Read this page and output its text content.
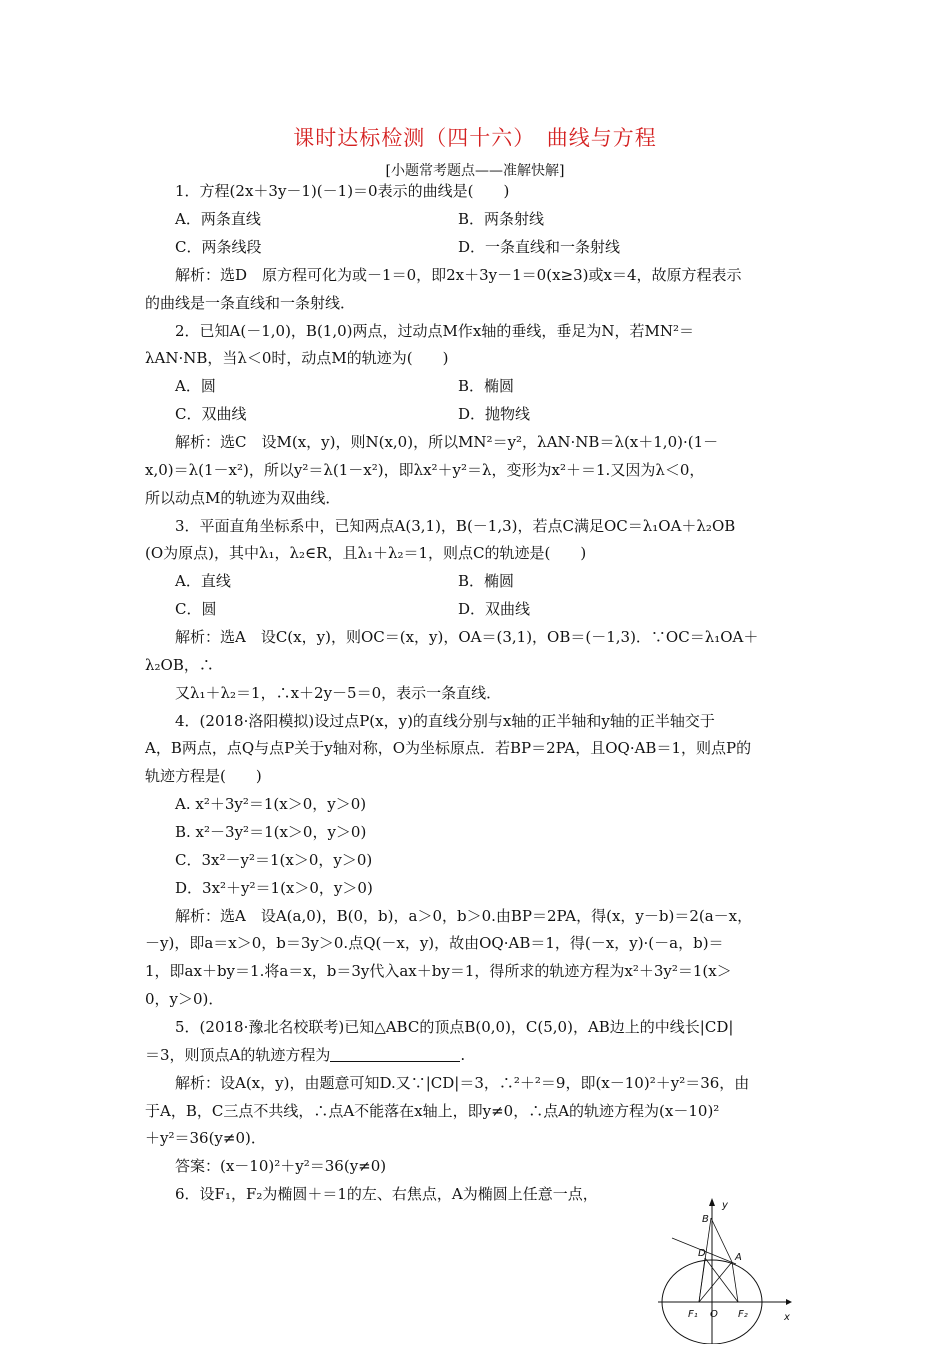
课时达标检测（四十六）　曲线与方程
[小题常考题点——准解快解]
1．方程(2x＋3y－1)(－1)＝0表示的曲线是(　　)
A．两条直线	B．两条射线
C．两条线段	D．一条直线和一条射线
解析：选D　原方程可化为或－1＝0，即2x＋3y－1＝0(x≥3)或x＝4，故原方程表示
的曲线是一条直线和一条射线．
2．已知A(－1,0)，B(1,0)两点，过动点M作x轴的垂线，垂足为N，若MN²＝
λAN·NB，当λ＜0时，动点M的轨迹为(　　)
A．圆	B．椭圆
C．双曲线	D．抛物线
解析：选C　设M(x，y)，则N(x,0)，所以MN²＝y²，λAN·NB＝λ(x＋1,0)·(1－
x,0)＝λ(1－x²)，所以y²＝λ(1－x²)，即λx²＋y²＝λ，变形为x²＋＝1.又因为λ＜0，
所以动点M的轨迹为双曲线．
3．平面直角坐标系中，已知两点A(3,1)，B(－1,3)，若点C满足OC＝λ₁OA＋λ₂OB
(O为原点)，其中λ₁，λ₂∈R，且λ₁＋λ₂＝1，则点C的轨迹是(　　)
A．直线	B．椭圆
C．圆	D．双曲线
解析：选A　设C(x，y)，则OC＝(x，y)，OA＝(3,1)，OB＝(－1,3)．∵OC＝λ₁OA＋
λ₂OB，∴
又λ₁＋λ₂＝1，∴x＋2y－5＝0，表示一条直线．
4．(2018·洛阳模拟)设过点P(x，y)的直线分别与x轴的正半轴和y轴的正半轴交于
A，B两点，点Q与点P关于y轴对称，O为坐标原点．若BP＝2PA，且OQ·AB＝1，则点P的
轨迹方程是(　　)
A. x²＋3y²＝1(x＞0，y＞0)
B. x²－3y²＝1(x＞0，y＞0)
C．3x²－y²＝1(x＞0，y＞0)
D．3x²＋y²＝1(x＞0，y＞0)
解析：选A　设A(a,0)，B(0，b)，a＞0，b＞0.由BP＝2PA，得(x，y－b)＝2(a－x，
－y)，即a＝x＞0，b＝3y＞0.点Q(－x，y)，故由OQ·AB＝1，得(－x，y)·(－a，b)＝
1，即ax＋by＝1.将a＝x，b＝3y代入ax＋by＝1，得所求的轨迹方程为x²＋3y²＝1(x＞
0，y＞0)．
5．(2018·豫北名校联考)已知△ABC的顶点B(0,0)，C(5,0)，AB边上的中线长|CD|
＝3，则顶点A的轨迹方程为	.
解析：设A(x，y)，由题意可知D.又∵|CD|＝3，∴²＋²＝9，即(x－10)²＋y²＝36，由
于A，B，C三点不共线，∴点A不能落在x轴上，即y≠0，∴点A的轨迹方程为(x－10)²
＋y²＝36(y≠0)．
答案：(x－10)²＋y²＝36(y≠0)
6．设F₁，F₂为椭圆＋＝1的左、右焦点，A为椭圆上任意一点，
y
x
B
D	A
F₁ O F₂
